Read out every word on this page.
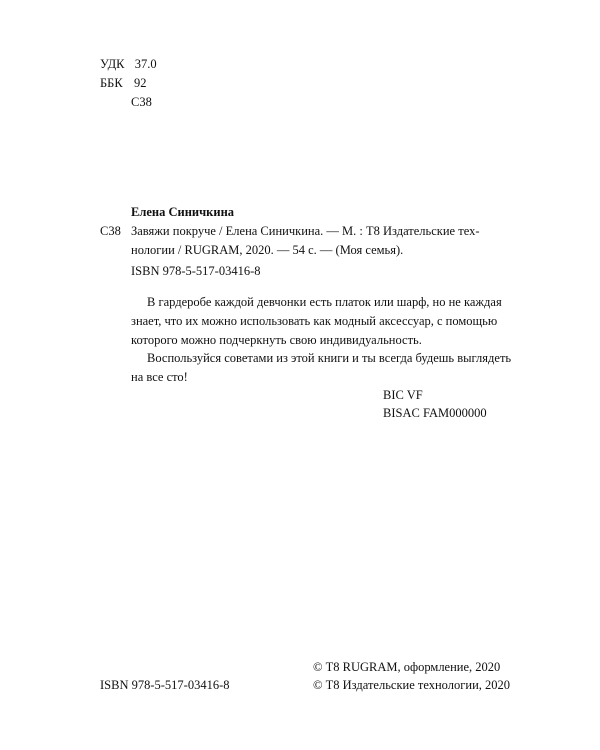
УДК 37.0
ББК 92
С38
Елена Синичкина
С38 Завяжи покруче / Елена Синичкина. — М. : Т8 Издательские тех-
нологии / RUGRAM, 2020. — 54 с. — (Моя семья).
ISBN 978-5-517-03416-8
В гардеробе каждой девчонки есть платок или шарф, но не каждая
знает, что их можно использовать как модный аксессуар, с помощью
которого можно подчеркнуть свою индивидуальность.
Воспользуйся советами из этой книги и ты всегда будешь выглядеть
на все сто!
BIC VF
BISAC FAM000000
© Т8 RUGRAM, оформление, 2020
ISBN 978-5-517-03416-8	© Т8 Издательские технологии, 2020
